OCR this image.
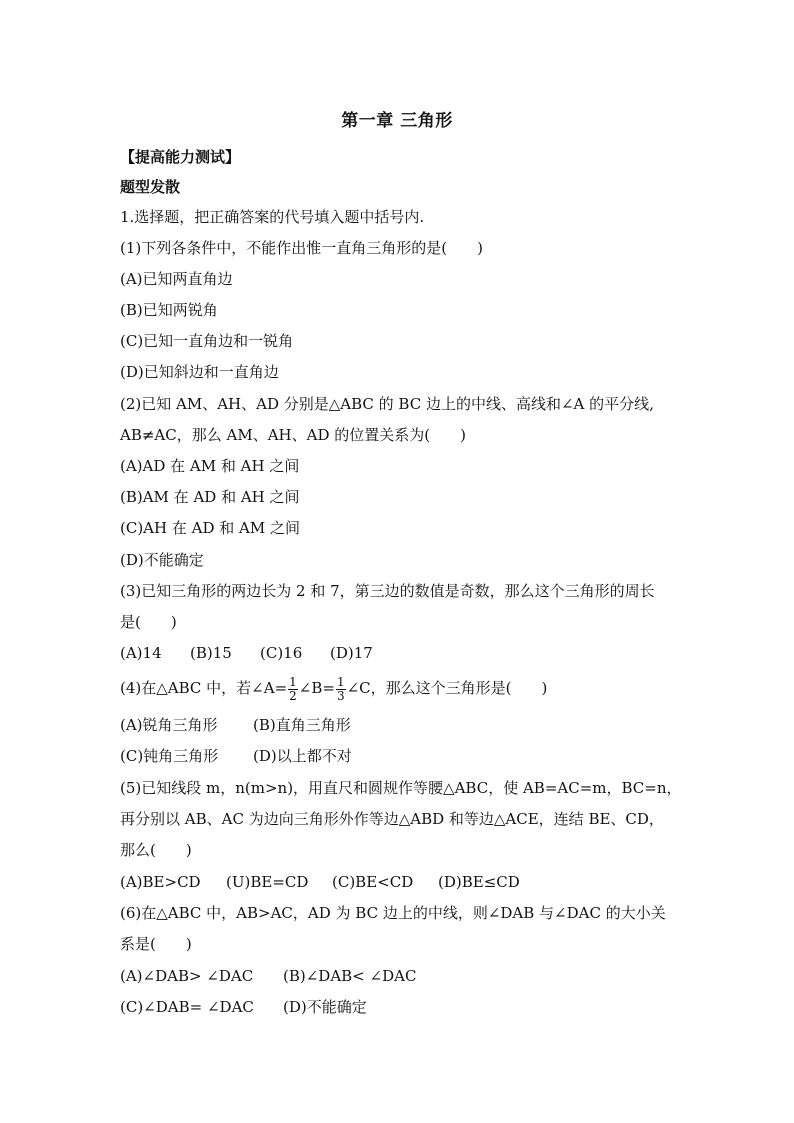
第一章 三角形
【提高能力测试】
题型发散
1.选择题，把正确答案的代号填入题中括号内.
(1)下列各条件中，不能作出惟一直角三角形的是(　　)
(A)已知两直角边
(B)已知两锐角
(C)已知一直角边和一锐角
(D)已知斜边和一直角边
(2)已知 AM、AH、AD 分别是△ABC 的 BC 边上的中线、高线和∠A 的平分线,
AB≠AC，那么 AM、AH、AD 的位置关系为(　　)
(A)AD 在 AM 和 AH 之间
(B)AM 在 AD 和 AH 之间
(C)AH 在 AD 和 AM 之间
(D)不能确定
(3)已知三角形的两边长为 2 和 7，第三边的数值是奇数，那么这个三角形的周长
是(　　)
(A)14 (B)15 (C)16 (D)17
(4)在△ABC 中，若∠A= $\frac{1}{2}$ ∠B= $\frac{1}{3}$ ∠C，那么这个三角形是(　　)
(A)锐角三角形 (B)直角三角形
(C)钝角三角形 (D)以上都不对
(5)已知线段 m，n(m>n)，用直尺和圆规作等腰△ABC，使 AB=AC=m，BC=n，
再分别以 AB、AC 为边向三角形外作等边△ABD 和等边△ACE，连结 BE、CD，
那么(　　)
(A)BE>CD (U)BE=CD (C)BE<CD (D)BE≤CD
(6)在△ABC 中，AB>AC，AD 为 BC 边上的中线，则∠DAB 与∠DAC 的大小关
系是(　　)
(A)∠DAB> ∠DAC (B)∠DAB< ∠DAC
(C)∠DAB= ∠DAC (D)不能确定
